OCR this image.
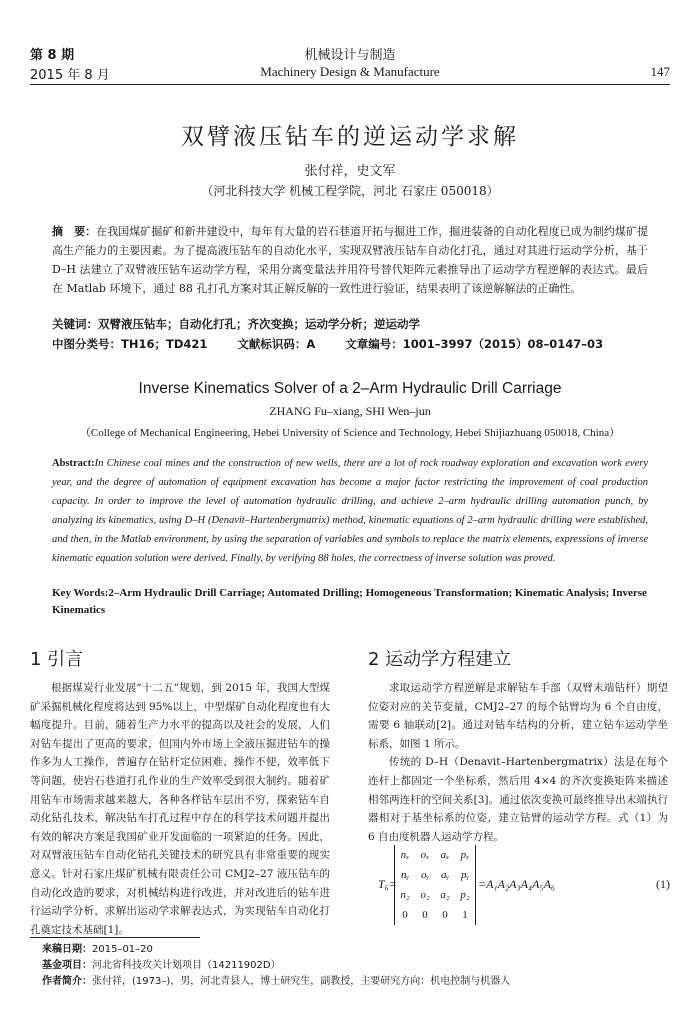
第 8 期
2015 年 8 月
机械设计与制造
Machinery Design & Manufacture	147
双臂液压钻车的逆运动学求解
张付祥，史文军
（河北科技大学 机械工程学院，河北 石家庄 050018）
摘　要：在我国煤矿掘矿和新井建设中，每年有大量的岩石巷道开拓与掘进工作，掘进装备的自动化程度已成为制约煤矿提高生产能力的主要因素。为了提高液压钻车的自动化水平，实现双臂液压钻车自动化打孔，通过对其进行运动学分析，基于 D–H 法建立了双臂液压钻车运动学方程，采用分离变量法并用符号替代矩阵元素推导出了运动学方程逆解的表达式。最后在 Matlab 环境下，通过 88 孔打孔方案对其正解反解的一致性进行验证，结果表明了该逆解解法的正确性。
关键词：双臂液压钻车；自动化打孔；齐次变换；运动学分析；逆运动学
中图分类号：TH16；TD421	文献标识码：A	文章编号：1001–3997（2015）08–0147–03
Inverse Kinematics Solver of a 2–Arm Hydraulic Drill Carriage
ZHANG Fu–xiang, SHI Wen–jun
（College of Mechanical Engineering, Hebei University of Science and Technology, Hebei Shijiazhuang 050018, China）
Abstract:In Chinese coal mines and the construction of new wells, there are a lot of rock roadway exploration and excavation work every year, and the degree of automation of equipment excavation has become a major factor restricting the improvement of coal production capacity. In order to improve the level of automation hydraulic drilling, and achieve 2–arm hydraulic drilling automation punch, by analyzing its kinematics, using D–H (Denavit–Hartenbergmatrix) method, kinematic equations of 2–arm hydraulic drilling were established, and then, in the Matlab environment, by using the separation of variables and symbols to replace the matrix elements, expressions of inverse kinematic equation solution were derived. Finally, by verifying 88 holes, the correctness of inverse solution was proved.
Key Words:2–Arm Hydraulic Drill Carriage; Automated Drilling; Homogeneous Transformation; Kinematic Analysis; Inverse Kinematics
1 引言

根据煤炭行业发展“十二五”规划，到 2015 年，我国大型煤矿采掘机械化程度将达到 95%以上，中型煤矿自动化程度也有大幅度提升。目前，随着生产力水平的提高以及社会的发展，人们对钻车提出了更高的要求，但国内外市场上全液压掘进钻车的操作多为人工操作，普遍存在钻杆定位困难、操作不便，效率低下等问题，使岩石巷道打孔作业的生产效率受到很大制约。随着矿用钻车市场需求越来越大，各种各样钻车层出不穷，探索钻车自动化钻孔技术，解决钻车打孔过程中存在的科学技术问题并提出有效的解决方案是我国矿业开发面临的一项紧迫的任务。因此，对双臂液压钻车自动化钻孔关键技术的研究具有非常重要的现实意义。针对石家庄煤矿机械有限责任公司 CMJ2–27 液压钻车的自动化改造的要求，对机械结构进行改进，并对改进后的钻车进行运动学分析，求解出运动学求解表达式，为实现钻车自动化打孔奠定技术基础[1]。

2 运动学方程建立

求取运动学方程逆解是求解钻车手部（双臂末端钻杆）期望位姿对应的关节变量，CMJ2–27 的每个钻臂均为 6 个自由度，需要 6 轴联动[2]。通过对钻车结构的分析，建立钻车运动学坐标系，如图 1 所示。

传统的 D–H（Denavit–Hartenbergmatrix）法是在每个连杆上都固定一个坐标系，然后用 4×4 的齐次变换矩阵来描述相邻两连杆的空间关系[3]。通过依次变换可最终推导出末端执行器相对于基坐标系的位姿，建立钻臂的运动学方程。式（1）为 6 自由度机器人运动学方程。

T₆=
nₓ	oₓ	aₓ	pₓ
nᵧ	oᵧ	aᵧ	pᵧ
n₂ o₂ a₂ p₂
0	0	0	1
=A₁A₂A₃A₄A₅A₆	(1)
来稿日期：2015–01–20
基金项目：河北省科技攻关计划项目（14211902D）
作者简介：张付祥，(1973–)，男，河北青县人，博士研究生，副教授，主要研究方向：机电控制与机器人
